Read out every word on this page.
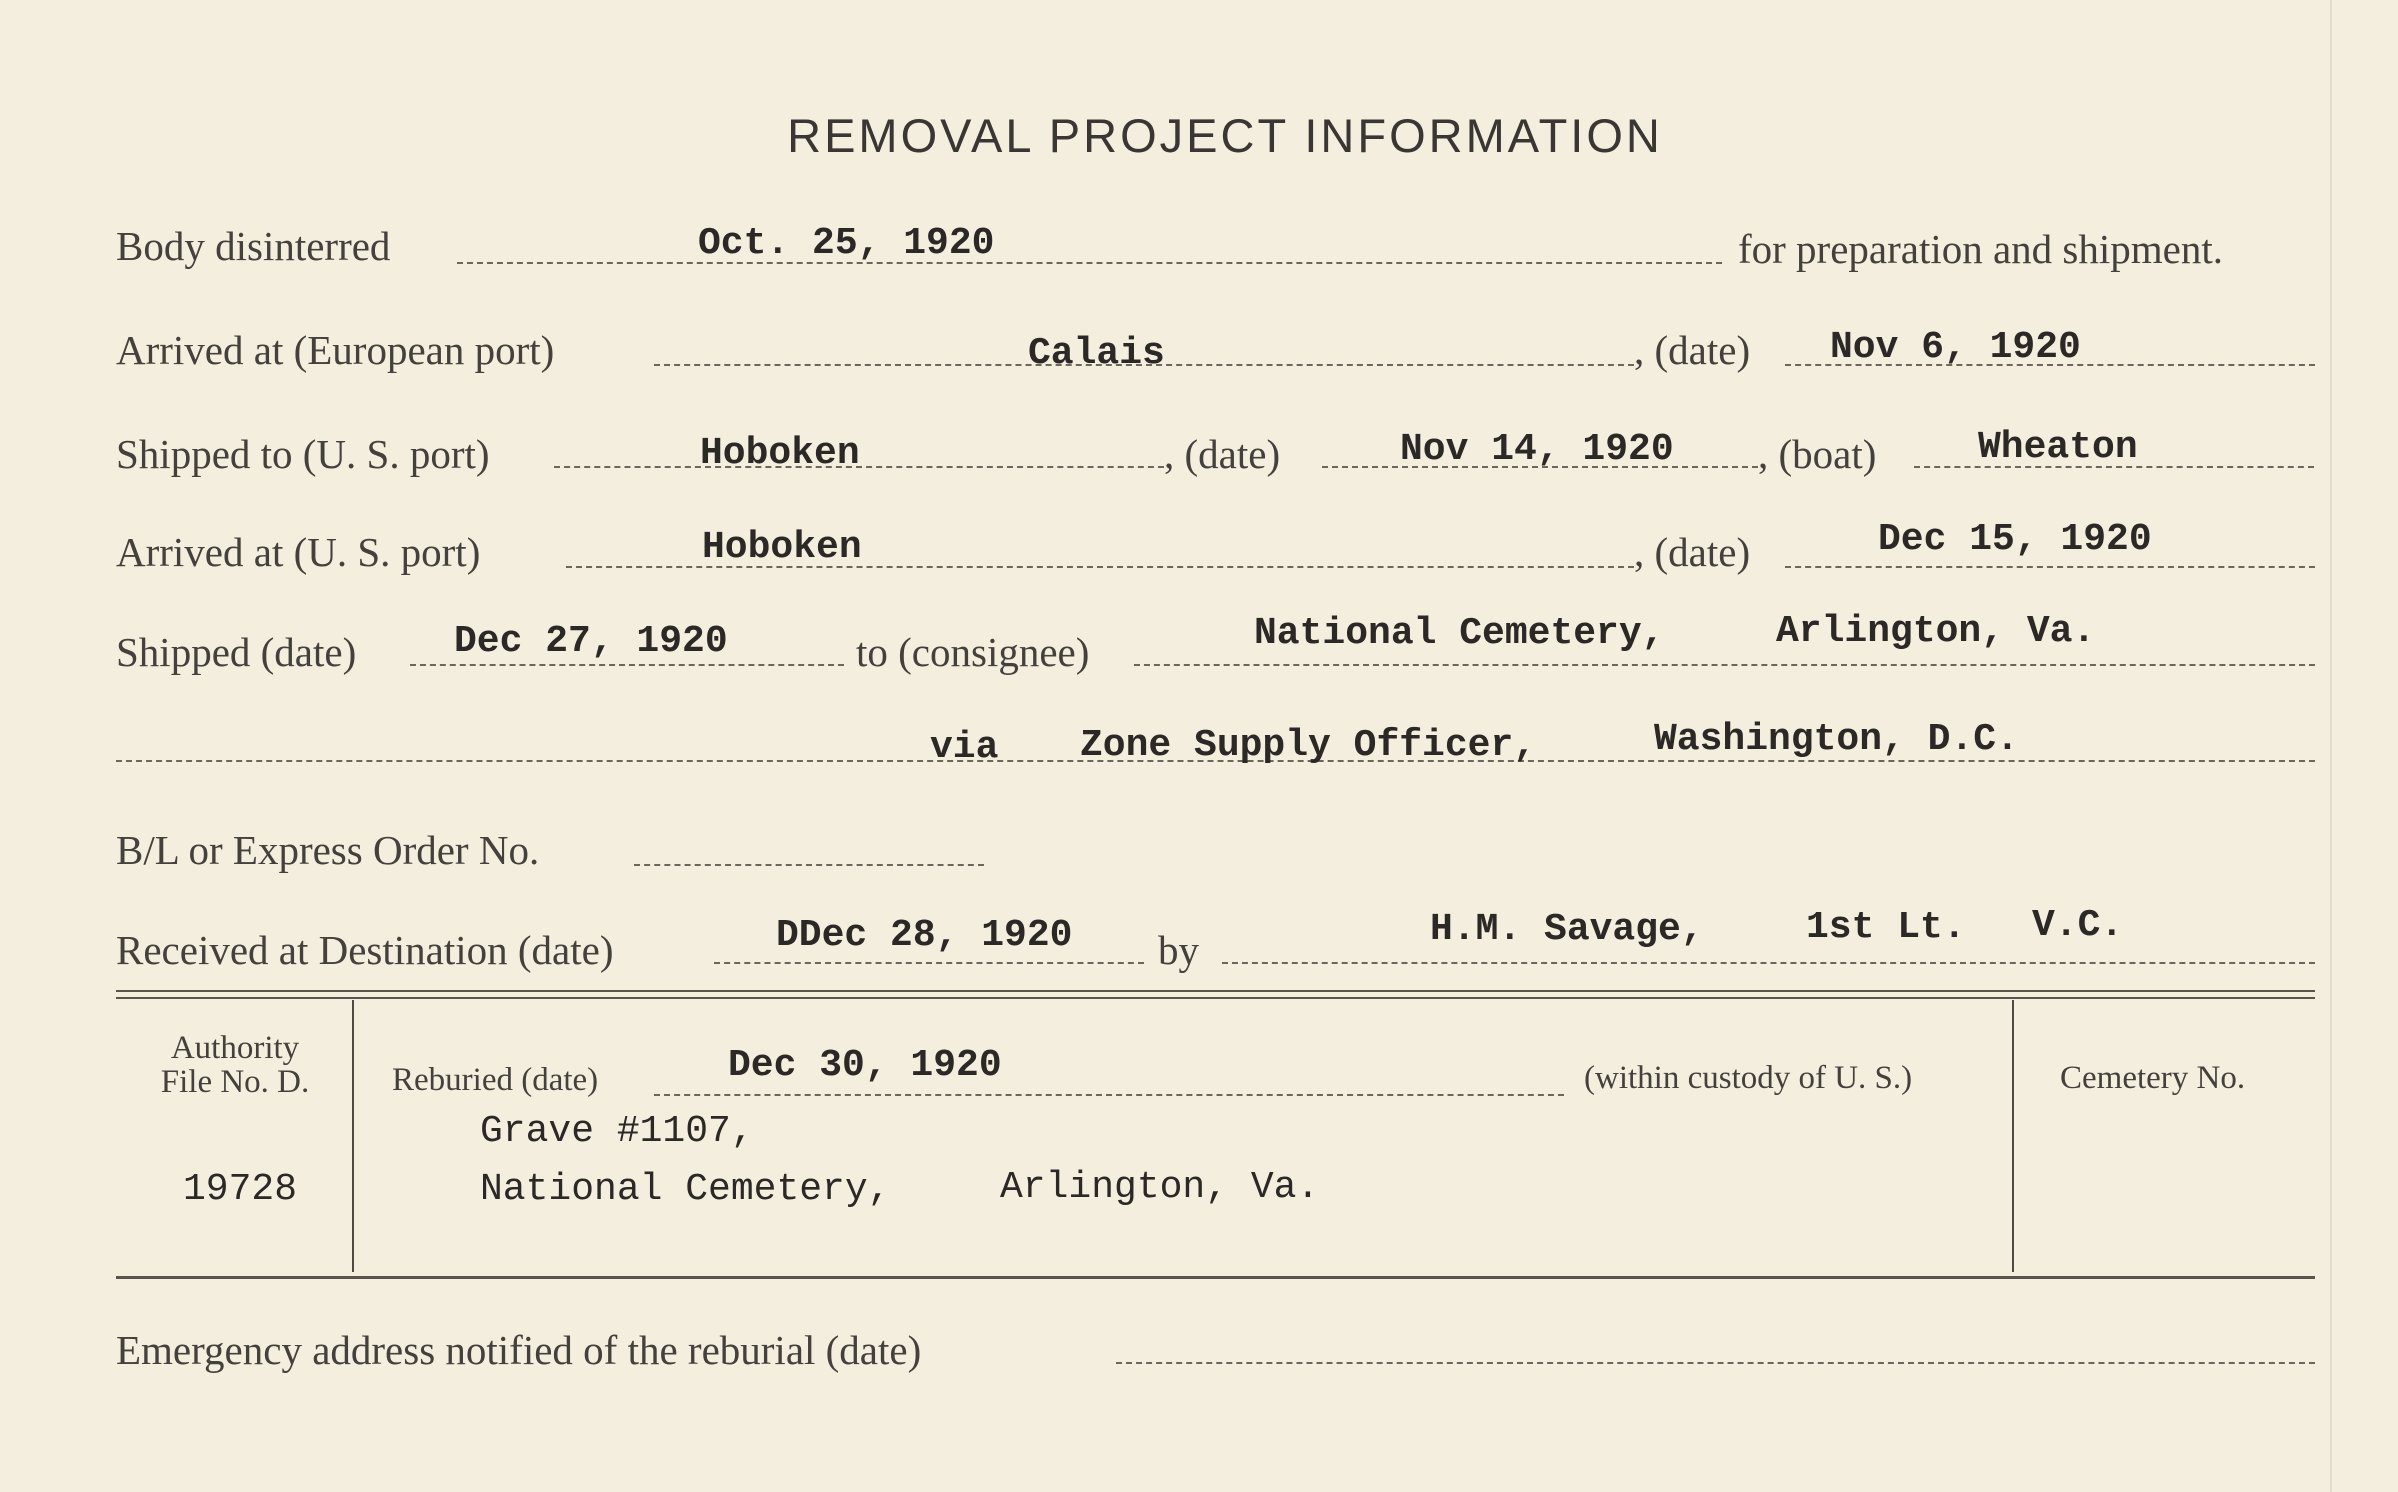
REMOVAL PROJECT INFORMATION
Body disinterred	Oct. 25, 1920	for preparation and shipment.
Arrived at (European port)	Calais	, (date) Nov 6, 1920
Shipped to (U. S. port)	Hoboken	, (date)	Nov 14, 1920 , (boat)	Wheaton
Arrived at (U. S. port)	Hoboken	, (date)	Dec 15, 1920
Shipped (date)	Dec 27, 1920	to (consignee)	National Cemetery,	Arlington, Va.
via Zone Supply Officer,	Washington, D.C.
B/L or Express Order No.
Received at Destination (date)	DDec 28, 1920 by	H.M. Savage,	1st Lt. V.C.
Authority
File No. D.
19728
Reburied (date)	Dec 30, 1920	(within custody of U. S.)
Grave #1107,
National Cemetery,	Arlington, Va.
Cemetery No.
Emergency address notified of the reburial (date)
